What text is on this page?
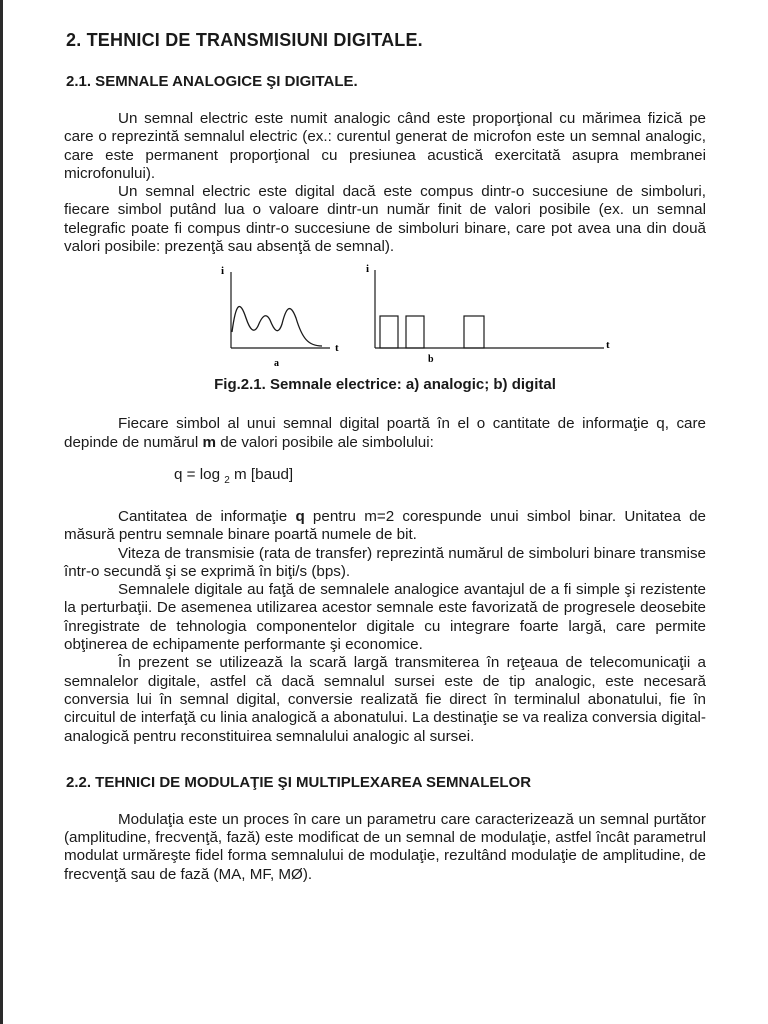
2. TEHNICI DE TRANSMISIUNI DIGITALE.
2.1. SEMNALE ANALOGICE ŞI DIGITALE.

Un semnal electric este numit analogic când este proporţional cu mărimea fizică pe care o reprezintă semnalul electric (ex.: curentul generat de microfon este un semnal analogic, care este permanent proporţional cu presiunea acustică exercitată asupra membranei microfonului).

Un semnal electric este digital dacă este compus dintr-o succesiune de simboluri, fiecare simbol putând lua o valoare dintr-un număr finit de valori posibile (ex. un semnal telegrafic poate fi compus dintr-o succesiune de simboluri binare, care pot avea una din două valori posibile: prezenţă sau absenţă de semnal).

i
t
a
i
t
b
Fig.2.1. Semnale electrice: a) analogic; b) digital

Fiecare simbol al unui semnal digital poartă în el o cantitate de informaţie q, care depinde de numărul m de valori posibile ale simbolului:

q = log $_2$ m [baud]

Cantitatea de informaţie q pentru m=2 corespunde unui simbol binar. Unitatea de măsură pentru semnale binare poartă numele de bit.

Viteza de transmisie (rata de transfer) reprezintă numărul de simboluri binare transmise într-o secundă şi se exprimă în biţi/s (bps).

Semnalele digitale au faţă de semnalele analogice avantajul de a fi simple şi rezistente la perturbaţii. De asemenea utilizarea acestor semnale este favorizată de progresele deosebite înregistrate de tehnologia componentelor digitale cu integrare foarte largă, care permite obţinerea de echipamente performante şi economice.

În prezent se utilizează la scară largă transmiterea în reţeaua de telecomunicaţii a semnalelor digitale, astfel că dacă semnalul sursei este de tip analogic, este necesară conversia lui în semnal digital, conversie realizată fie direct în terminalul abonatului, fie în circuitul de interfaţă cu linia analogică a abonatului. La destinaţie se va realiza conversia digital-analogică pentru reconstituirea semnalului analogic al sursei.

2.2. TEHNICI DE MODULAŢIE ŞI MULTIPLEXAREA SEMNALELOR

Modulaţia este un proces în care un parametru care caracterizează un semnal purtător (amplitudine, frecvenţă, fază) este modificat de un semnal de modulaţie, astfel încât parametrul modulat urmăreşte fidel forma semnalului de modulaţie, rezultând modulaţie de amplitudine, de frecvenţă sau de fază (MA, MF, MØ).
